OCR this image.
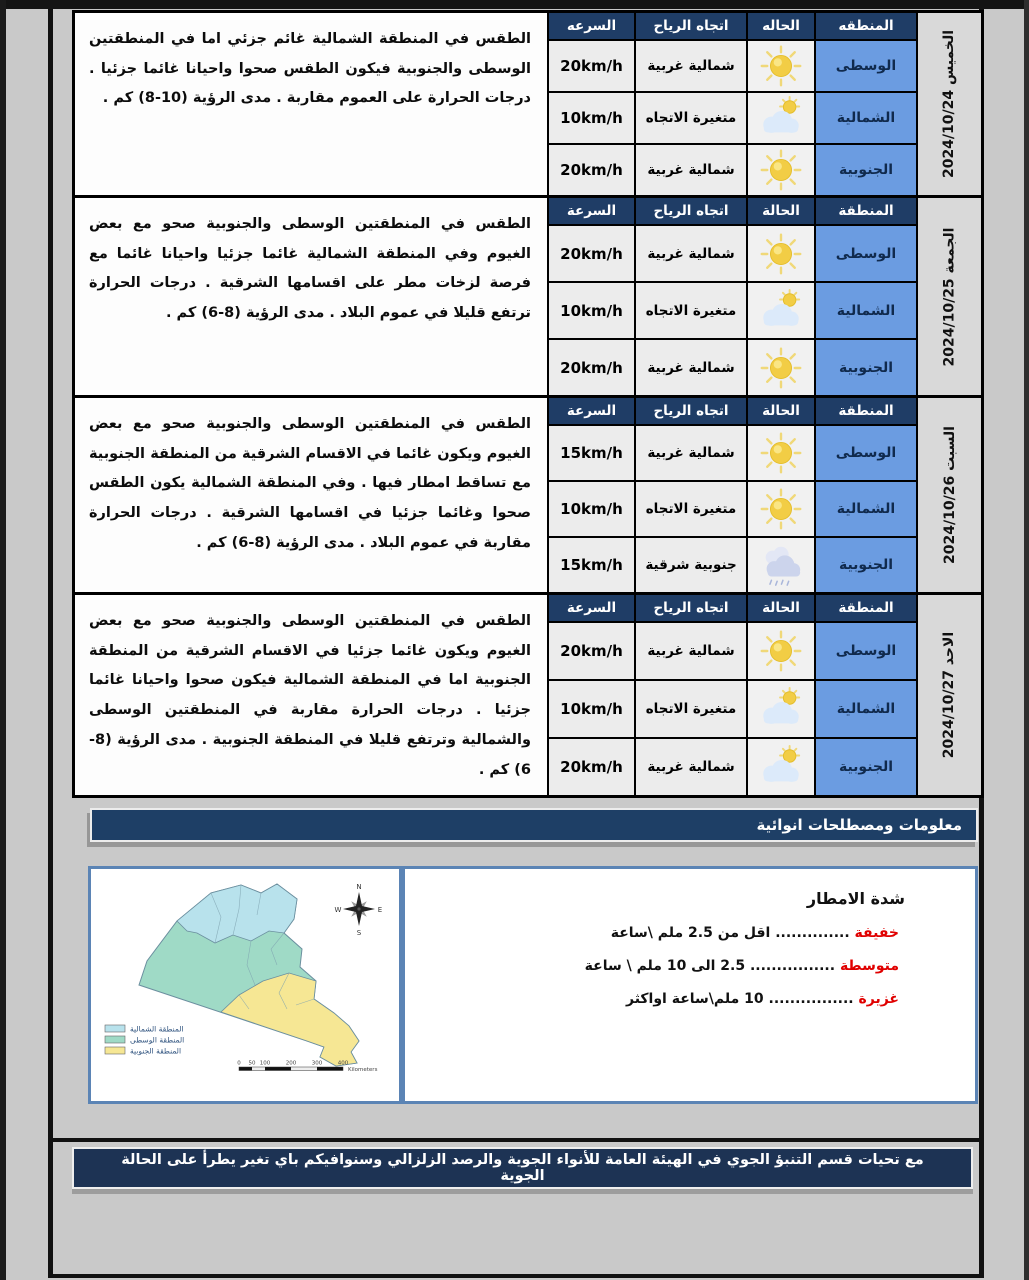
الطقس في المنطقة الشمالية غائم جزئي اما في المنطقتين الوسطى والجنوبية فيكون الطقس صحوا واحيانا غائما جزئيا . درجات الحرارة على العموم مقاربة . مدى الرؤية (10-8) كم .
السرعه	اتجاه الرياح	الحاله	المنطقه
الخميس 2024/10/24
20km/h	شمالية غربية	الوسطى
10km/h	متغيرة الاتجاه	الشمالية
20km/h	شمالية غربية	الجنوبية
الطقس في المنطقتين الوسطى والجنوبية صحو مع بعض الغيوم وفي المنطقة الشمالية غائما جزئيا واحيانا غائما مع فرصة لزخات مطر على اقسامها الشرقية . درجات الحرارة ترتفع قليلا في عموم البلاد . مدى الرؤية (8-6) كم .
السرعة	اتجاه الرياح	الحالة	المنطقة
الجمعة 2024/10/25
20km/h	شمالية غربية	الوسطى
10km/h	متغيرة الاتجاه	الشمالية
20km/h	شمالية غربية	الجنوبية
الطقس في المنطقتين الوسطى والجنوبية صحو مع بعض الغيوم ويكون غائما في الاقسام الشرقية من المنطقة الجنوبية مع تساقط امطار فيها . وفي المنطقة الشمالية يكون الطقس صحوا وغائما جزئيا في اقسامها الشرقية . درجات الحرارة مقاربة في عموم البلاد . مدى الرؤية (8-6) كم .
السرعة	اتجاه الرياح	الحالة	المنطقة
السبت 2024/10/26
15km/h	شمالية غربية	الوسطى
10km/h	متغيرة الاتجاه	الشمالية
15km/h	جنوبية شرقية	الجنوبية
الطقس في المنطقتين الوسطى والجنوبية صحو مع بعض الغيوم ويكون غائما جزئيا في الاقسام الشرقية من المنطقة الجنوبية اما في المنطقة الشمالية فيكون صحوا واحيانا غائما جزئيا . درجات الحرارة مقاربة في المنطقتين الوسطى والشمالية وترتفع قليلا في المنطقة الجنوبية . مدى الرؤية (8-6) كم .
السرعة	اتجاه الرياح	الحالة	المنطقة
الاحد 2024/10/27
20km/h	شمالية غربية	الوسطى
10km/h	متغيرة الاتجاه	الشمالية
20km/h	شمالية غربية	الجنوبية
معلومات ومصطلحات انوائية
N
S
E
W
المنطقة الشمالية
المنطقة الوسطى
المنطقة الجنوبية
0 50 100	200	300	400
Kilometers

شدة الامطار

خفيفة .............. اقل من 2.5 ملم \ساعة
متوسطة ................ 2.5 الى 10 ملم \ ساعة
غزيرة ................ 10 ملم\ساعة اواكثر
مع تحيات قسم التنبؤ الجوي في الهيئة العامة للأنواء الجوية والرصد الزلزالي وسنوافيكم باي تغير يطرأ على الحالة الجوية
